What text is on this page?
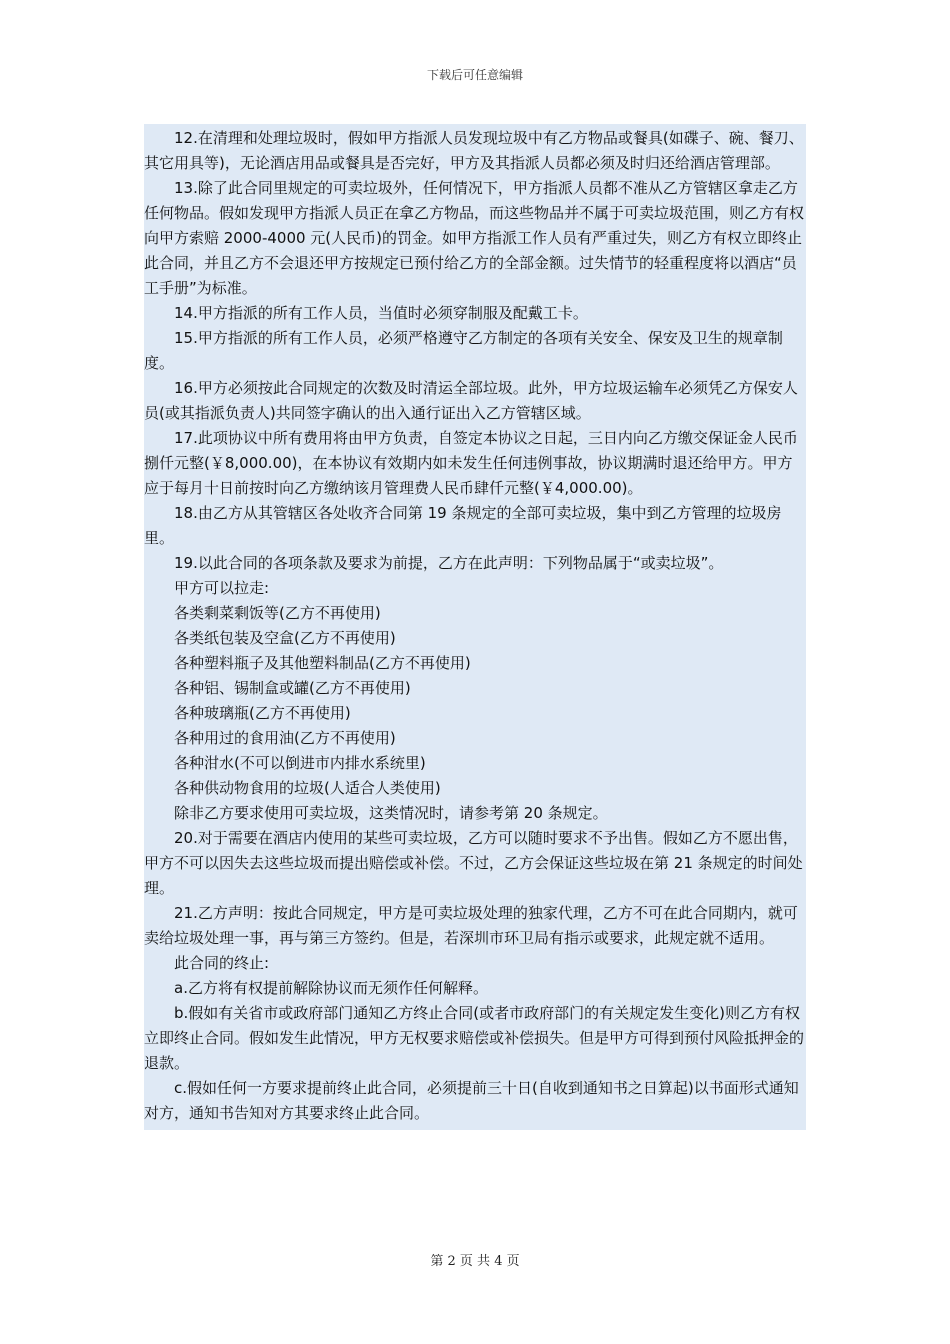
下载后可任意编辑

12.在清理和处理垃圾时，假如甲方指派人员发现垃圾中有乙方物品或餐具(如碟子、碗、餐刀、其它用具等)，无论酒店用品或餐具是否完好，甲方及其指派人员都必须及时归还给酒店管理部。

13.除了此合同里规定的可卖垃圾外，任何情况下，甲方指派人员都不准从乙方管辖区拿走乙方任何物品。假如发现甲方指派人员正在拿乙方物品，而这些物品并不属于可卖垃圾范围，则乙方有权向甲方索赔 2000-4000 元(人民币)的罚金。如甲方指派工作人员有严重过失，则乙方有权立即终止此合同，并且乙方不会退还甲方按规定已预付给乙方的全部金额。过失情节的轻重程度将以酒店“员工手册”为标准。

14.甲方指派的所有工作人员，当值时必须穿制服及配戴工卡。

15.甲方指派的所有工作人员，必须严格遵守乙方制定的各项有关安全、保安及卫生的规章制度。

16.甲方必须按此合同规定的次数及时清运全部垃圾。此外，甲方垃圾运输车必须凭乙方保安人员(或其指派负责人)共同签字确认的出入通行证出入乙方管辖区域。

17.此项协议中所有费用将由甲方负责，自签定本协议之日起，三日内向乙方缴交保证金人民币捌仟元整(￥8,000.00)，在本协议有效期内如未发生任何违例事故，协议期满时退还给甲方。甲方应于每月十日前按时向乙方缴纳该月管理费人民币肆仟元整(￥4,000.00)。

18.由乙方从其管辖区各处收齐合同第 19 条规定的全部可卖垃圾，集中到乙方管理的垃圾房里。

19.以此合同的各项条款及要求为前提，乙方在此声明：下列物品属于“或卖垃圾”。

甲方可以拉走:

各类剩菜剩饭等(乙方不再使用)

各类纸包装及空盒(乙方不再使用)

各种塑料瓶子及其他塑料制品(乙方不再使用)

各种铝、锡制盒或罐(乙方不再使用)

各种玻璃瓶(乙方不再使用)

各种用过的食用油(乙方不再使用)

各种泔水(不可以倒进市内排水系统里)

各种供动物食用的垃圾(人适合人类使用)

除非乙方要求使用可卖垃圾，这类情况时，请参考第 20 条规定。

20.对于需要在酒店内使用的某些可卖垃圾，乙方可以随时要求不予出售。假如乙方不愿出售，甲方不可以因失去这些垃圾而提出赔偿或补偿。不过，乙方会保证这些垃圾在第 21 条规定的时间处理。

21.乙方声明：按此合同规定，甲方是可卖垃圾处理的独家代理，乙方不可在此合同期内，就可卖给垃圾处理一事，再与第三方签约。但是，若深圳市环卫局有指示或要求，此规定就不适用。

此合同的终止:

a.乙方将有权提前解除协议而无须作任何解释。

b.假如有关省市或政府部门通知乙方终止合同(或者市政府部门的有关规定发生变化)则乙方有权立即终止合同。假如发生此情况，甲方无权要求赔偿或补偿损失。但是甲方可得到预付风险抵押金的退款。

c.假如任何一方要求提前终止此合同，必须提前三十日(自收到通知书之日算起)以书面形式通知对方，通知书告知对方其要求终止此合同。

第 2 页 共 4 页
